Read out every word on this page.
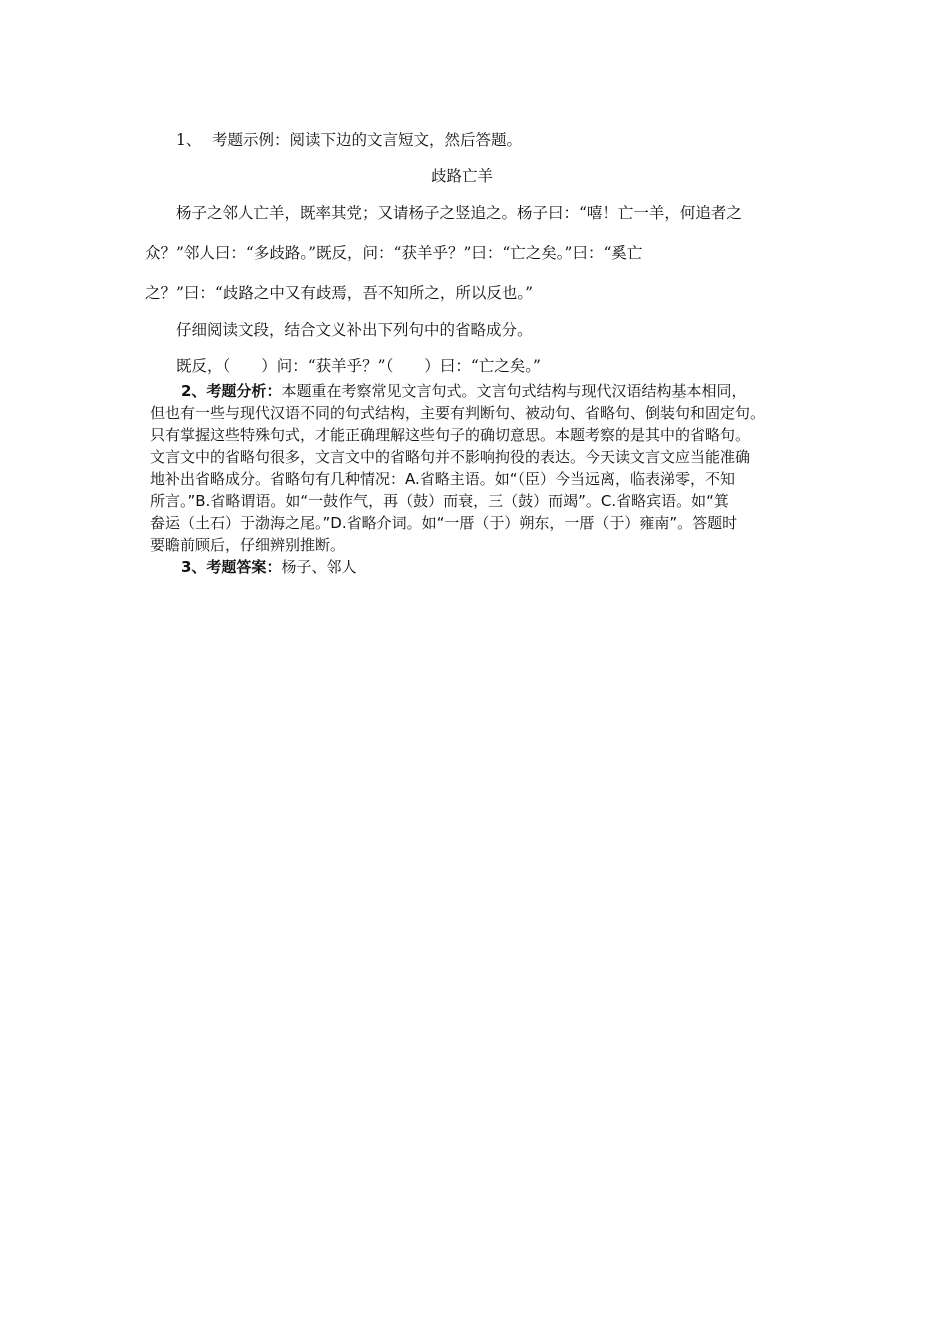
1、 考题示例：阅读下边的文言短文，然后答题。
歧路亡羊
杨子之邻人亡羊，既率其党；又请杨子之竖追之。杨子曰：“嘻！亡一羊，何追者之
众？”邻人曰：“多歧路。”既反，问：“获羊乎？”曰：“亡之矣。”曰：“奚亡
之？”曰：“歧路之中又有歧焉，吾不知所之，所以反也。”
仔细阅读文段，结合文义补出下列句中的省略成分。
既反，（　　）问：“获羊乎？”（　　）曰：“亡之矣。”
2、考题分析：本题重在考察常见文言句式。文言句式结构与现代汉语结构基本相同，
但也有一些与现代汉语不同的句式结构，主要有判断句、被动句、省略句、倒装句和固定句。
只有掌握这些特殊句式，才能正确理解这些句子的确切意思。本题考察的是其中的省略句。
文言文中的省略句很多，文言文中的省略句并不影响拘役的表达。今天读文言文应当能准确
地补出省略成分。省略句有几种情况：A.省略主语。如“（臣）今当远离，临表涕零，不知
所言。”B.省略谓语。如“一鼓作气，再（鼓）而衰，三（鼓）而竭”。C.省略宾语。如“箕
畚运（土石）于渤海之尾。”D.省略介词。如“一厝（于）朔东，一厝（于）雍南”。答题时
要瞻前顾后，仔细辨别推断。
3、考题答案：杨子、邻人
